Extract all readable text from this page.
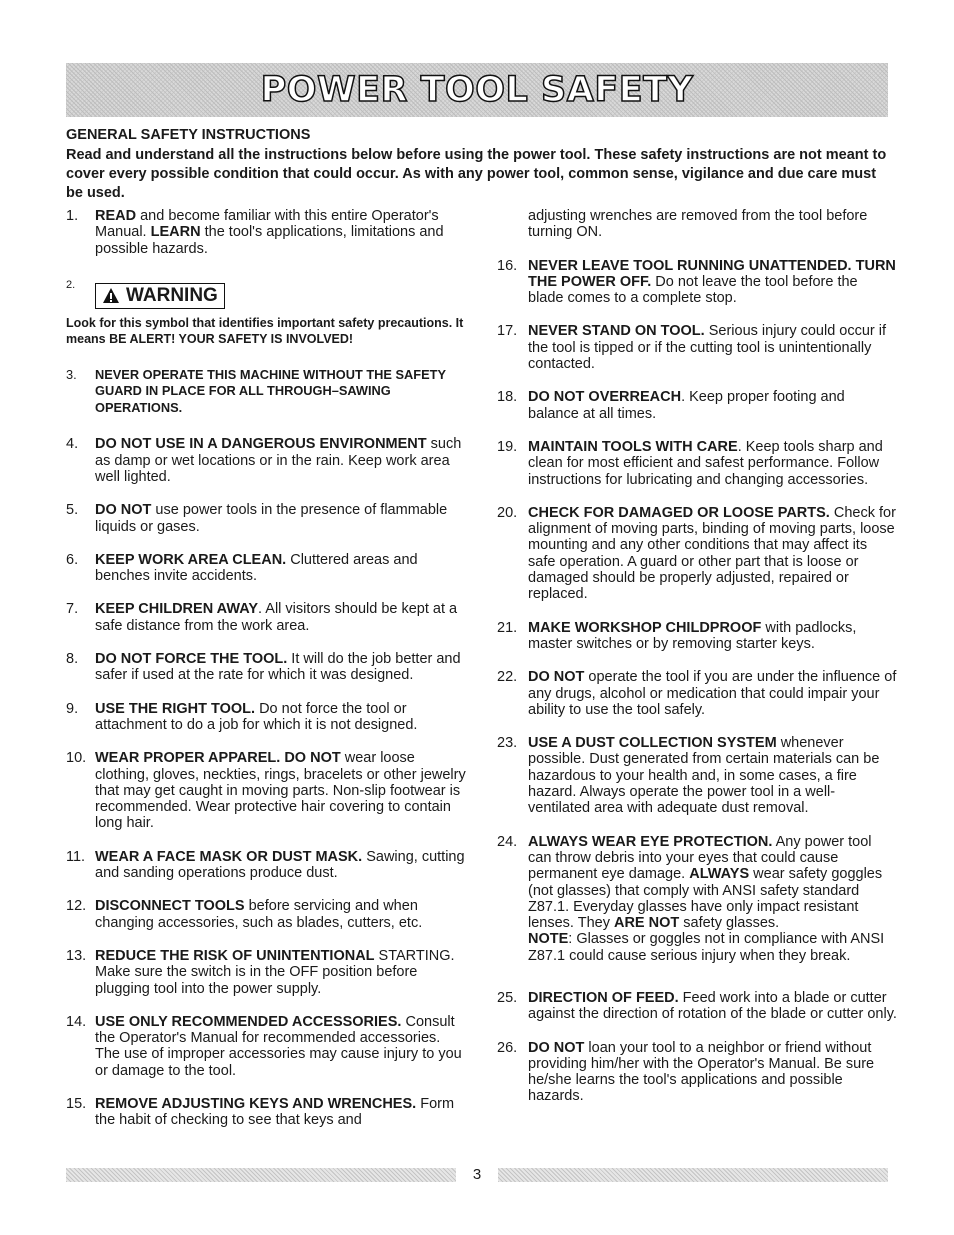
POWER TOOL SAFETY
GENERAL SAFETY INSTRUCTIONS
Read and understand all the instructions below before using the power tool. These safety instructions are not meant to cover every possible condition that could occur. As with any power tool, common sense, vigilance and due care must be used.
1. READ and become familiar with this entire Operator's Manual. LEARN the tool's applications, limitations and possible hazards.
2.	WARNING
Look for this symbol that identifies important safety precautions. It means BE ALERT! YOUR SAFETY IS INVOLVED!
3. NEVER OPERATE THIS MACHINE WITHOUT THE SAFETY GUARD IN PLACE FOR ALL THROUGH–SAWING OPERATIONS.
4. DO NOT USE IN A DANGEROUS ENVIRONMENT such as damp or wet locations or in the rain. Keep work area well lighted.
5. DO NOT use power tools in the presence of flammable liquids or gases.
6. KEEP WORK AREA CLEAN. Cluttered areas and benches invite accidents.
7. KEEP CHILDREN AWAY. All visitors should be kept at a safe distance from the work area.
8. DO NOT FORCE THE TOOL. It will do the job better and safer if used at the rate for which it was designed.
9. USE THE RIGHT TOOL. Do not force the tool or attachment to do a job for which it is not designed.
10. WEAR PROPER APPAREL. DO NOT wear loose clothing, gloves, neckties, rings, bracelets or other jewelry that may get caught in moving parts. Non-slip footwear is recommended. Wear protective hair covering to contain long hair.
11. WEAR A FACE MASK OR DUST MASK. Sawing, cutting and sanding operations produce dust.
12. DISCONNECT TOOLS before servicing and when changing accessories, such as blades, cutters, etc.
13. REDUCE THE RISK OF UNINTENTIONAL STARTING. Make sure the switch is in the OFF position before plugging tool into the power supply.
14. USE ONLY RECOMMENDED ACCESSORIES. Consult the Operator's Manual for recommended accessories. The use of improper accessories may cause injury to you or damage to the tool.
15. REMOVE ADJUSTING KEYS AND WRENCHES. Form the habit of checking to see that keys and
adjusting wrenches are removed from the tool before turning ON.
16. NEVER LEAVE TOOL RUNNING UNATTENDED. TURN THE POWER OFF. Do not leave the tool before the blade comes to a complete stop.
17. NEVER STAND ON TOOL. Serious injury could occur if the tool is tipped or if the cutting tool is unintentionally contacted.
18. DO NOT OVERREACH. Keep proper footing and balance at all times.
19. MAINTAIN TOOLS WITH CARE. Keep tools sharp and clean for most efficient and safest performance. Follow instructions for lubricating and changing accessories.
20. CHECK FOR DAMAGED OR LOOSE PARTS. Check for alignment of moving parts, binding of moving parts, loose mounting and any other conditions that may affect its safe operation. A guard or other part that is loose or damaged should be properly adjusted, repaired or replaced.
21. MAKE WORKSHOP CHILDPROOF with padlocks, master switches or by removing starter keys.
22. DO NOT operate the tool if you are under the influence of any drugs, alcohol or medication that could impair your ability to use the tool safely.
23. USE A DUST COLLECTION SYSTEM whenever possible. Dust generated from certain materials can be hazardous to your health and, in some cases, a fire hazard. Always operate the power tool in a well-ventilated area with adequate dust removal.
24. ALWAYS WEAR EYE PROTECTION. Any power tool can throw debris into your eyes that could cause permanent eye damage. ALWAYS wear safety goggles (not glasses) that comply with ANSI safety standard Z87.1. Everyday glasses have only impact resistant lenses. They ARE NOT safety glasses.
NOTE: Glasses or goggles not in compliance with ANSI Z87.1 could cause serious injury when they break.
25. DIRECTION OF FEED. Feed work into a blade or cutter against the direction of rotation of the blade or cutter only.
26. DO NOT loan your tool to a neighbor or friend without providing him/her with the Operator's Manual. Be sure he/she learns the tool's applications and possible hazards.
3
